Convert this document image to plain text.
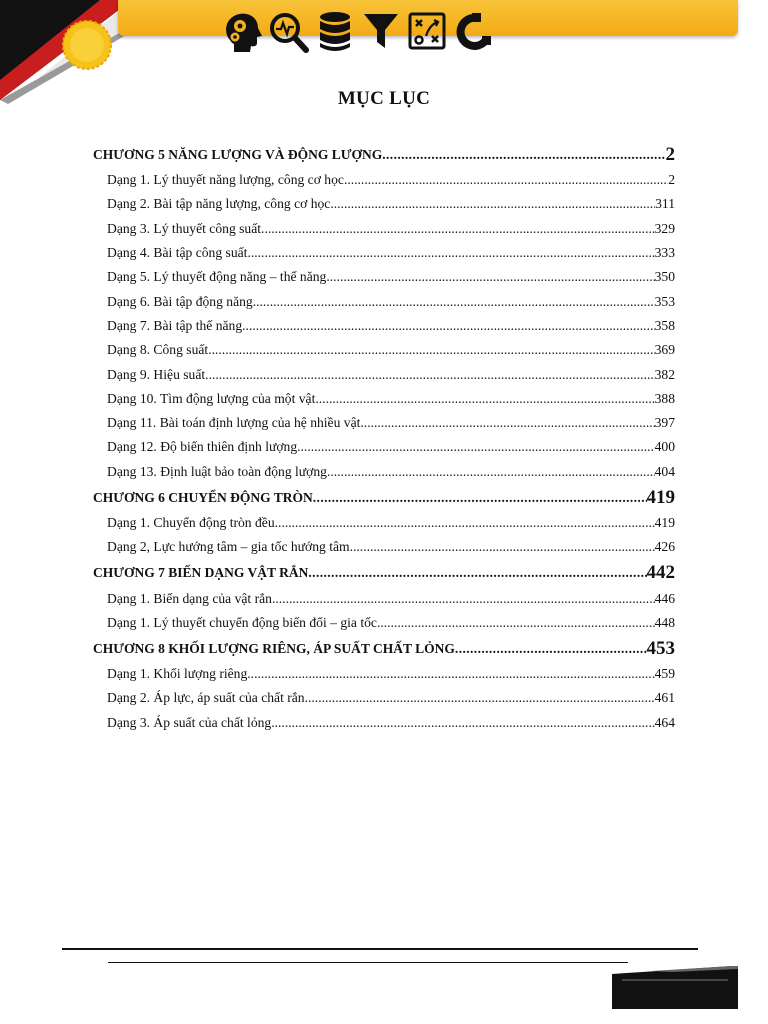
MỤC LỤC
CHƯƠNG 5 NĂNG LƯỢNG VÀ ĐỘNG LƯỢNG .....	2
Dạng 1. Lý thuyết năng lượng, công cơ học .....	2
Dạng 2. Bài tập năng lượng, công cơ học .....	311
Dạng 3. Lý thuyết công suất .....	329
Dạng 4. Bài tập công suất .....	333
Dạng 5. Lý thuyết động năng – thế năng .....	350
Dạng 6. Bài tập động năng .....	353
Dạng 7. Bài tập thế năng .....	358
Dạng 8. Công suất .....	369
Dạng 9. Hiệu suất .....	382
Dạng 10. Tìm động lượng của một vật .....	388
Dạng 11. Bài toán định lượng của hệ nhiều vật .....	397
Dạng 12. Độ biến thiên định lượng .....	400
Dạng 13. Định luật bảo toàn động lượng .....	404
CHƯƠNG 6 CHUYỂN ĐỘNG TRÒN .....	419
Dạng 1. Chuyển động tròn đều .....	419
Dạng 2, Lực hướng tâm – gia tốc hướng tâm .....	426
CHƯƠNG 7 BIẾN DẠNG VẬT RẮN .....	442
Dạng 1. Biến dạng của vật rắn .....	446
Dạng 1. Lý thuyết chuyển động biến đổi – gia tốc .....	448
CHƯƠNG 8 KHỐI LƯỢNG RIÊNG, ÁP SUẤT CHẤT LỎNG .....	453
Dạng 1. Khối lượng riêng .....	459
Dạng 2. Áp lực, áp suất của chất rắn .....	461
Dạng 3. Áp suất của chất lỏng .....	464
